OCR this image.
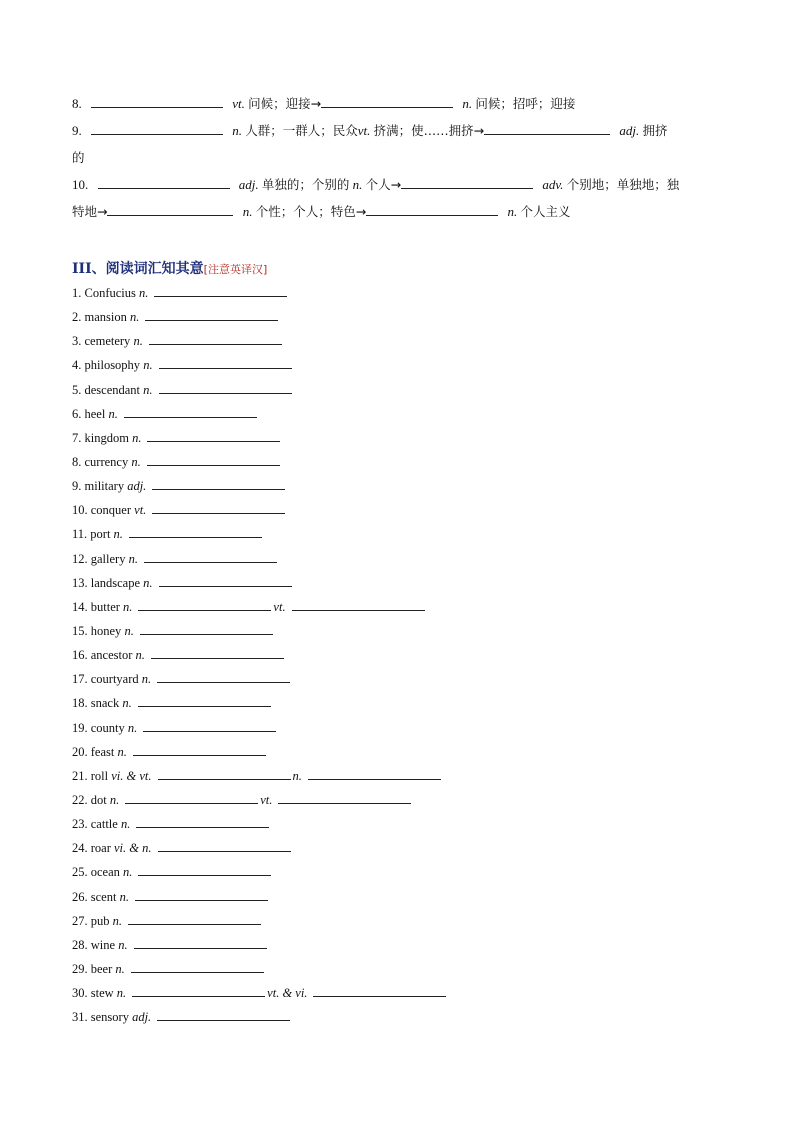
8.	vt. 问候；迎接→	n. 问候；招呼；迎接
9.	n. 人群；一群人；民众vt. 挤满；使……拥挤→	adj. 拥挤
的
10.	adj. 单独的；个别的 n. 个人→	adv. 个别地；单独地；独
特地→	n. 个性；个人；特色→	n. 个人主义
III、阅读词汇知其意[注意英译汉]
1. Confucius n.
2. mansion n.
3. cemetery n.
4. philosophy n.
5. descendant n.
6. heel n.
7. kingdom n.
8. currency n.
9. military adj.
10. conquer vt.
11. port n.
12. gallery n.
13. landscape n.
14. butter n.	vt.
15. honey n.
16. ancestor n.
17. courtyard n.
18. snack n.
19. county n.
20. feast n.
21. roll vi. & vt.	n.
22. dot n.	vt.
23. cattle n.
24. roar vi. & n.
25. ocean n.
26. scent n.
27. pub n.
28. wine n.
29. beer n.
30. stew n.	vt. & vi.
31. sensory adj.
